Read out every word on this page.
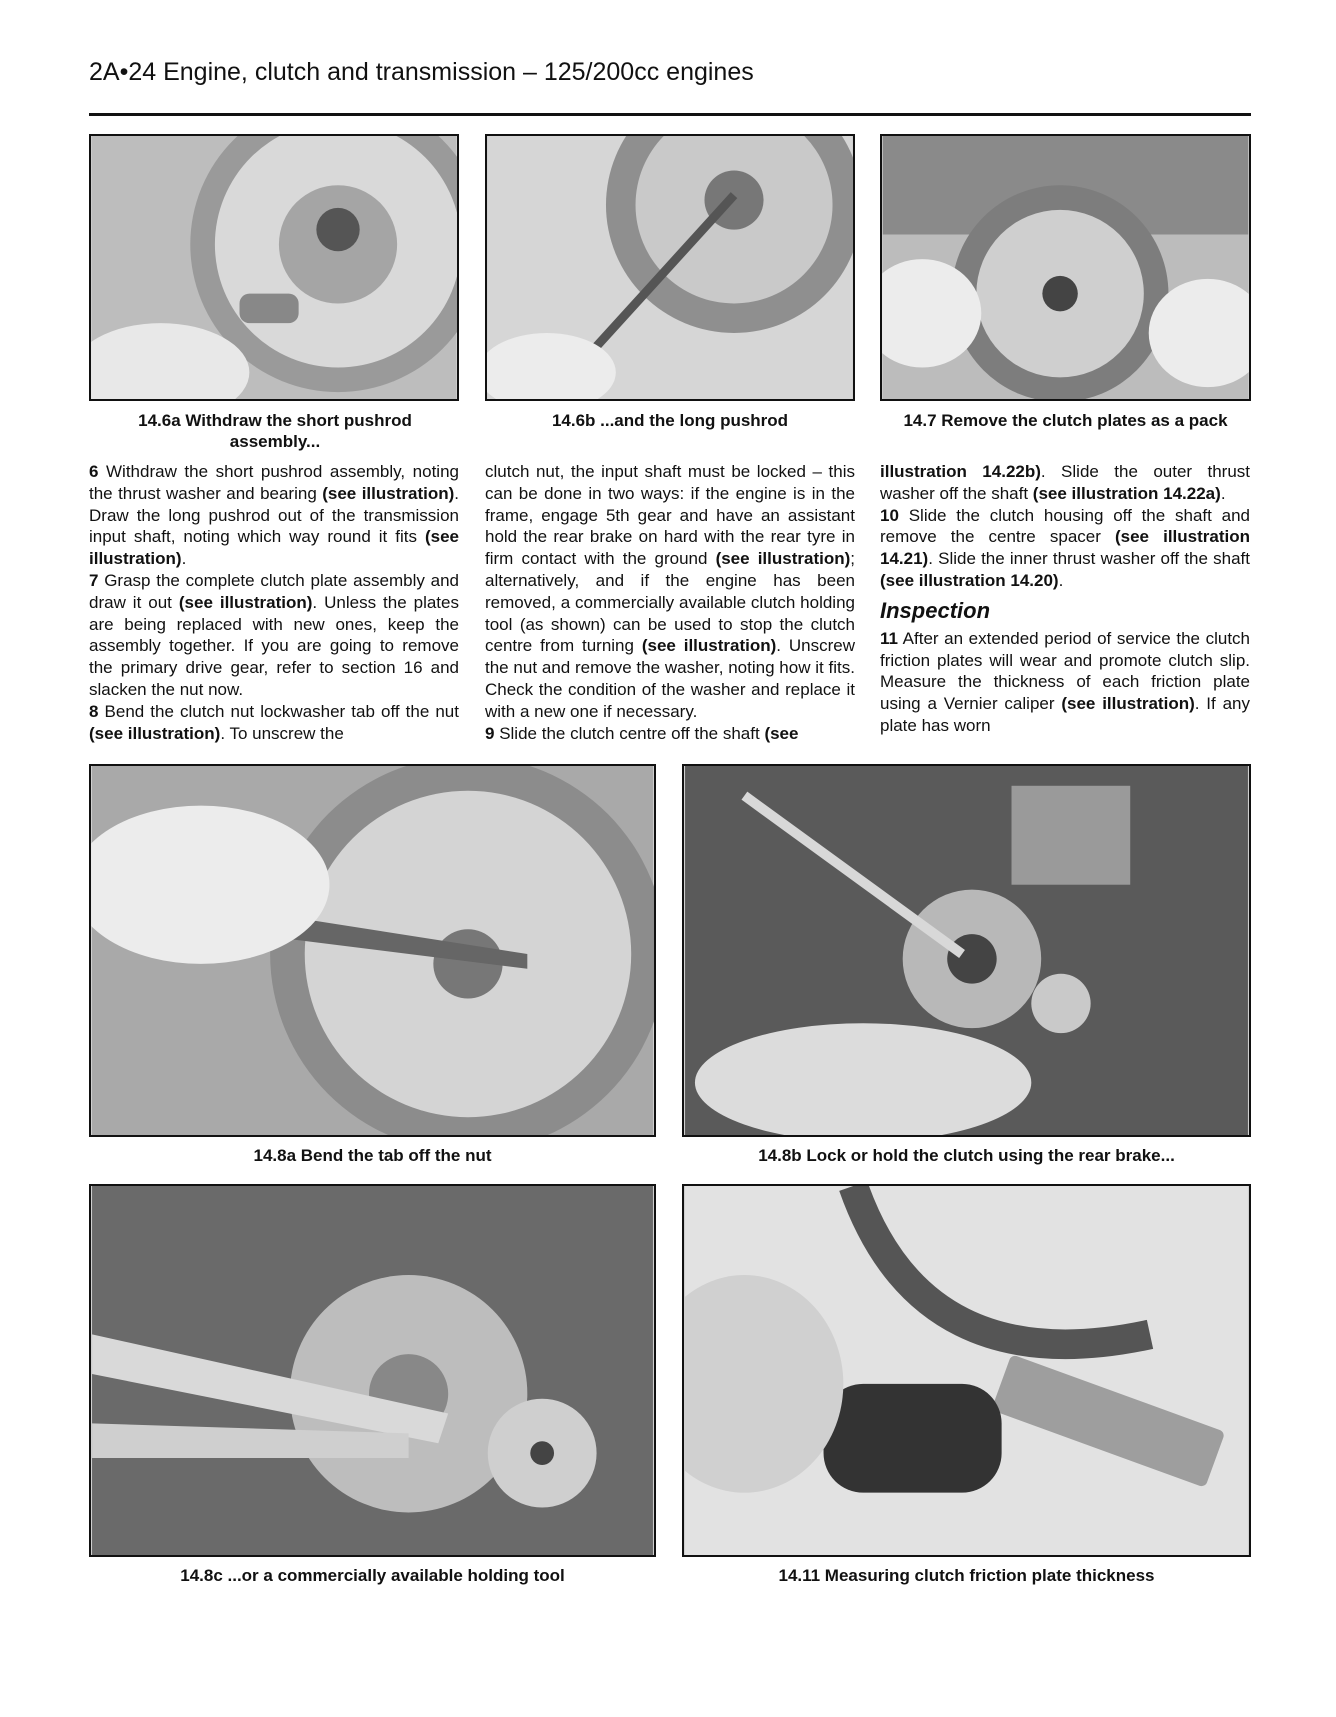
2A•24 Engine, clutch and transmission – 125/200cc engines
14.6a Withdraw the short pushrod assembly...
14.6b ...and the long pushrod	14.7 Remove the clutch plates as a pack

6 Withdraw the short pushrod assembly, noting the thrust washer and bearing (see illustration). Draw the long pushrod out of the transmission input shaft, noting which way round it fits (see illustration).

7 Grasp the complete clutch plate assembly and draw it out (see illustration). Unless the plates are being replaced with new ones, keep the assembly together. If you are going to remove the primary drive gear, refer to section 16 and slacken the nut now.

8 Bend the clutch nut lockwasher tab off the nut (see illustration). To unscrew the

clutch nut, the input shaft must be locked – this can be done in two ways: if the engine is in the frame, engage 5th gear and have an assistant hold the rear brake on hard with the rear tyre in firm contact with the ground (see illustration); alternatively, and if the engine has been removed, a commercially available clutch holding tool (as shown) can be used to stop the clutch centre from turning (see illustration). Unscrew the nut and remove the washer, noting how it fits. Check the condition of the washer and replace it with a new one if necessary.

9 Slide the clutch centre off the shaft (see

illustration 14.22b). Slide the outer thrust washer off the shaft (see illustration 14.22a).

10 Slide the clutch housing off the shaft and remove the centre spacer (see illustration 14.21). Slide the inner thrust washer off the shaft (see illustration 14.20).

Inspection

11 After an extended period of service the clutch friction plates will wear and promote clutch slip. Measure the thickness of each friction plate using a Vernier caliper (see illustration). If any plate has worn

14.8a Bend the tab off the nut	14.8b Lock or hold the clutch using the rear brake...
14.8c ...or a commercially available holding tool	14.11 Measuring clutch friction plate thickness
